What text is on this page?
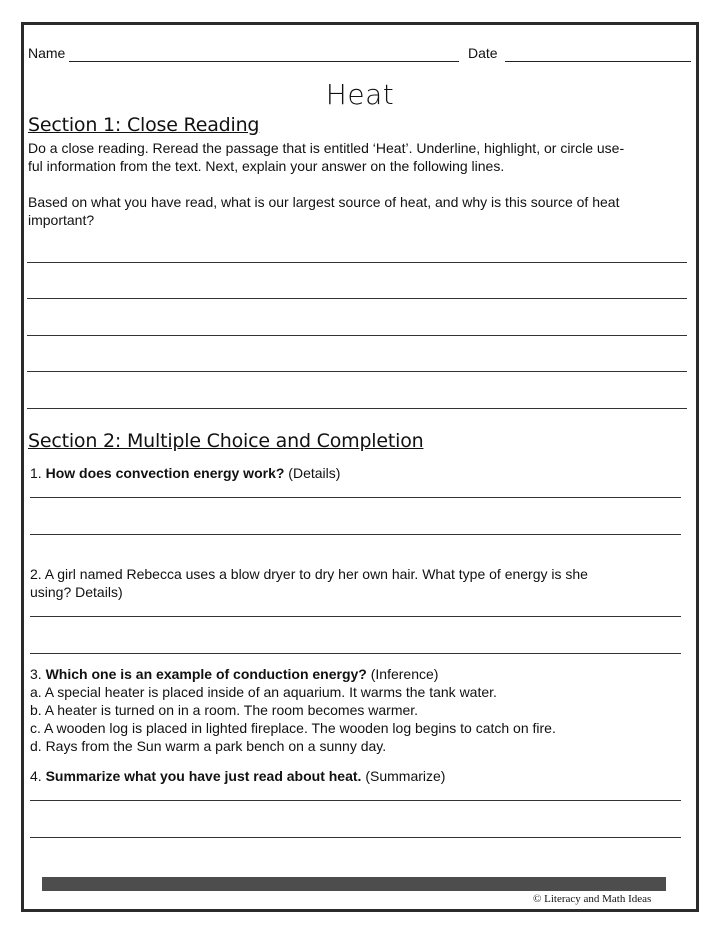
Name	Date
Heat
Section 1: Close Reading
Do a close reading. Reread the passage that is entitled ‘Heat’. Underline, highlight, or circle use-
ful information from the text. Next, explain your answer on the following lines.
Based on what you have read, what is our largest source of heat, and why is this source of heat
important?
Section 2: Multiple Choice and Completion
1. How does convection energy work? (Details)
2. A girl named Rebecca uses a blow dryer to dry her own hair. What type of energy is she
using? Details)
3. Which one is an example of conduction energy? (Inference)
a. A special heater is placed inside of an aquarium. It warms the tank water.
b. A heater is turned on in a room. The room becomes warmer.
c. A wooden log is placed in lighted fireplace. The wooden log begins to catch on fire.
d. Rays from the Sun warm a park bench on a sunny day.
4. Summarize what you have just read about heat. (Summarize)
© Literacy and Math Ideas
